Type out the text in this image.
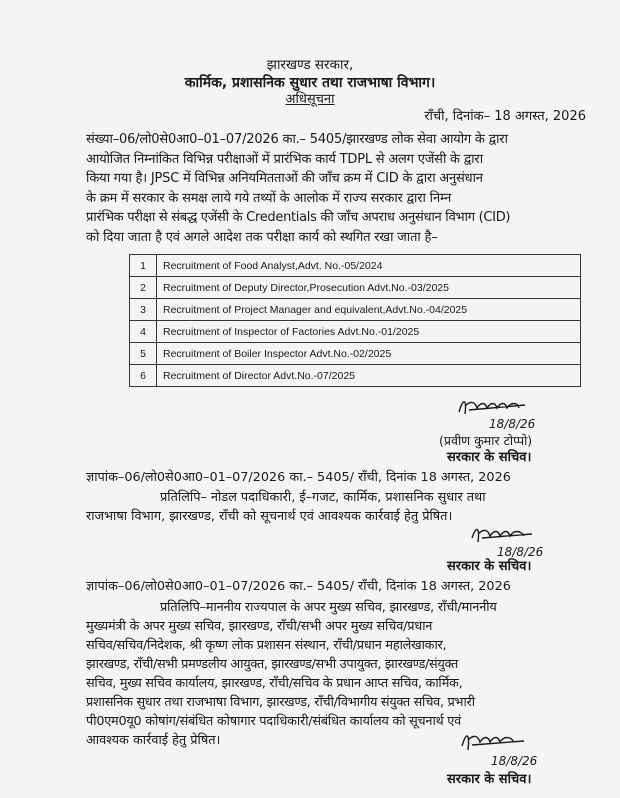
झारखण्ड सरकार,
कार्मिक, प्रशासनिक सुधार तथा राजभाषा विभाग।
अधिसूचना
राँची, दिनांक– 18 अगस्त, 2026

संख्या–06/लो0से0आ0–01–07/2026 का.– 5405/झारखण्ड लोक सेवा आयोग के द्वारा

आयोजित निम्नांकित विभिन्न परीक्षाओं में प्रारंभिक कार्य TDPL से अलग एजेंसी के द्वारा

किया गया है। JPSC में विभिन्न अनियमितताओं की जाँच क्रम में CID के द्वारा अनुसंधान

के क्रम में सरकार के समक्ष लाये गये तथ्यों के आलोक में राज्य सरकार द्वारा निम्न

प्रारंभिक परीक्षा से संबद्ध एजेंसी के Credentials की जाँच अपराध अनुसंधान विभाग (CID)

को दिया जाता है एवं अगले आदेश तक परीक्षा कार्य को स्थगित रखा जाता है–

1	Recruitment of Food Analyst,Advt. No.-05/2024
2	Recruitment of Deputy Director,Prosecution Advt.No.-03/2025
3	Recruitment of Project Manager and equivalent,Advt.No.-04/2025
4	Recruitment of Inspector of Factories Advt.No.-01/2025
5	Recruitment of Boiler Inspector Advt.No.-02/2025
6	Recruitment of Director Advt.No.-07/2025
18/8/26
(प्रवीण कुमार टोप्पो)
सरकार के सचिव।
ज्ञापांक–06/लो0से0आ0–01–07/2026 का.– 5405/ राँची, दिनांक 18 अगस्त, 2026
प्रतिलिपि– नोडल पदाधिकारी, ई–गजट, कार्मिक, प्रशासनिक सुधार तथा
राजभाषा विभाग, झारखण्ड, राँची को सूचनार्थ एवं आवश्यक कार्रवाई हेतु प्रेषित।
18/8/26
सरकार के सचिव।
ज्ञापांक–06/लो0से0आ0–01–07/2026 का.– 5405/ राँची, दिनांक 18 अगस्त, 2026

प्रतिलिपि–माननीय राज्यपाल के अपर मुख्य सचिव, झारखण्ड, राँची/माननीय

मुख्यमंत्री के अपर मुख्य सचिव, झारखण्ड, राँची/सभी अपर मुख्य सचिव/प्रधान

सचिव/सचिव/निदेशक, श्री कृष्ण लोक प्रशासन संस्थान, राँची/प्रधान महालेखाकार,

झारखण्ड, राँची/सभी प्रमण्डलीय आयुक्त, झारखण्ड/सभी उपायुक्त, झारखण्ड/संयुक्त

सचिव, मुख्य सचिव कार्यालय, झारखण्ड, राँची/सचिव के प्रधान आप्त सचिव, कार्मिक,

प्रशासनिक सुधार तथा राजभाषा विभाग, झारखण्ड, राँची/विभागीय संयुक्त सचिव, प्रभारी

पी0एम0यू0 कोषांग/संबंधित कोषागार पदाधिकारी/संबंधित कार्यालय को सूचनार्थ एवं

आवश्यक कार्रवाई हेतु प्रेषित।

18/8/26
सरकार के सचिव।
